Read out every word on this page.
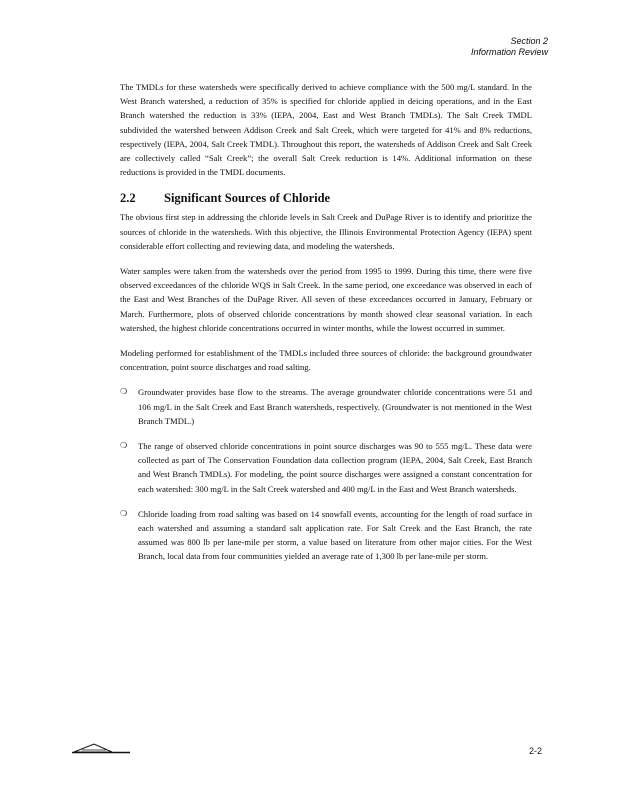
Section 2
Information Review

The TMDLs for these watersheds were specifically derived to achieve compliance with the 500 mg/L standard. In the West Branch watershed, a reduction of 35% is specified for chloride applied in deicing operations, and in the East Branch watershed the reduction is 33% (IEPA, 2004, East and West Branch TMDLs). The Salt Creek TMDL subdivided the watershed between Addison Creek and Salt Creek, which were targeted for 41% and 8% reductions, respectively (IEPA, 2004, Salt Creek TMDL). Throughout this report, the watersheds of Addison Creek and Salt Creek are collectively called “Salt Creek”; the overall Salt Creek reduction is 14%. Additional information on these reductions is provided in the TMDL documents.

2.2	Significant Sources of Chloride

The obvious first step in addressing the chloride levels in Salt Creek and DuPage River is to identify and prioritize the sources of chloride in the watersheds. With this objective, the Illinois Environmental Protection Agency (IEPA) spent considerable effort collecting and reviewing data, and modeling the watersheds.

Water samples were taken from the watersheds over the period from 1995 to 1999. During this time, there were five observed exceedances of the chloride WQS in Salt Creek. In the same period, one exceedance was observed in each of the East and West Branches of the DuPage River. All seven of these exceedances occurred in January, February or March. Furthermore, plots of observed chloride concentrations by month showed clear seasonal variation. In each watershed, the highest chloride concentrations occurred in winter months, while the lowest occurred in summer.

Modeling performed for establishment of the TMDLs included three sources of chloride: the background groundwater concentration, point source discharges and road salting.

❍ Groundwater provides base flow to the streams. The average groundwater chloride concentrations were 51 and 106 mg/L in the Salt Creek and East Branch watersheds, respectively. (Groundwater is not mentioned in the West Branch TMDL.)
❍ The range of observed chloride concentrations in point source discharges was 90 to 555 mg/L. These data were collected as part of The Conservation Foundation data collection program (IEPA, 2004, Salt Creek, East Branch and West Branch TMDLs). For modeling, the point source discharges were assigned a constant concentration for each watershed: 300 mg/L in the Salt Creek watershed and 400 mg/L in the East and West Branch watersheds.
❍ Chloride loading from road salting was based on 14 snowfall events, accounting for the length of road surface in each watershed and assuming a standard salt application rate. For Salt Creek and the East Branch, the rate assumed was 800 lb per lane-mile per storm, a value based on literature from other major cities. For the West Branch, local data from four communities yielded an average rate of 1,300 lb per lane-mile per storm.
2-2
